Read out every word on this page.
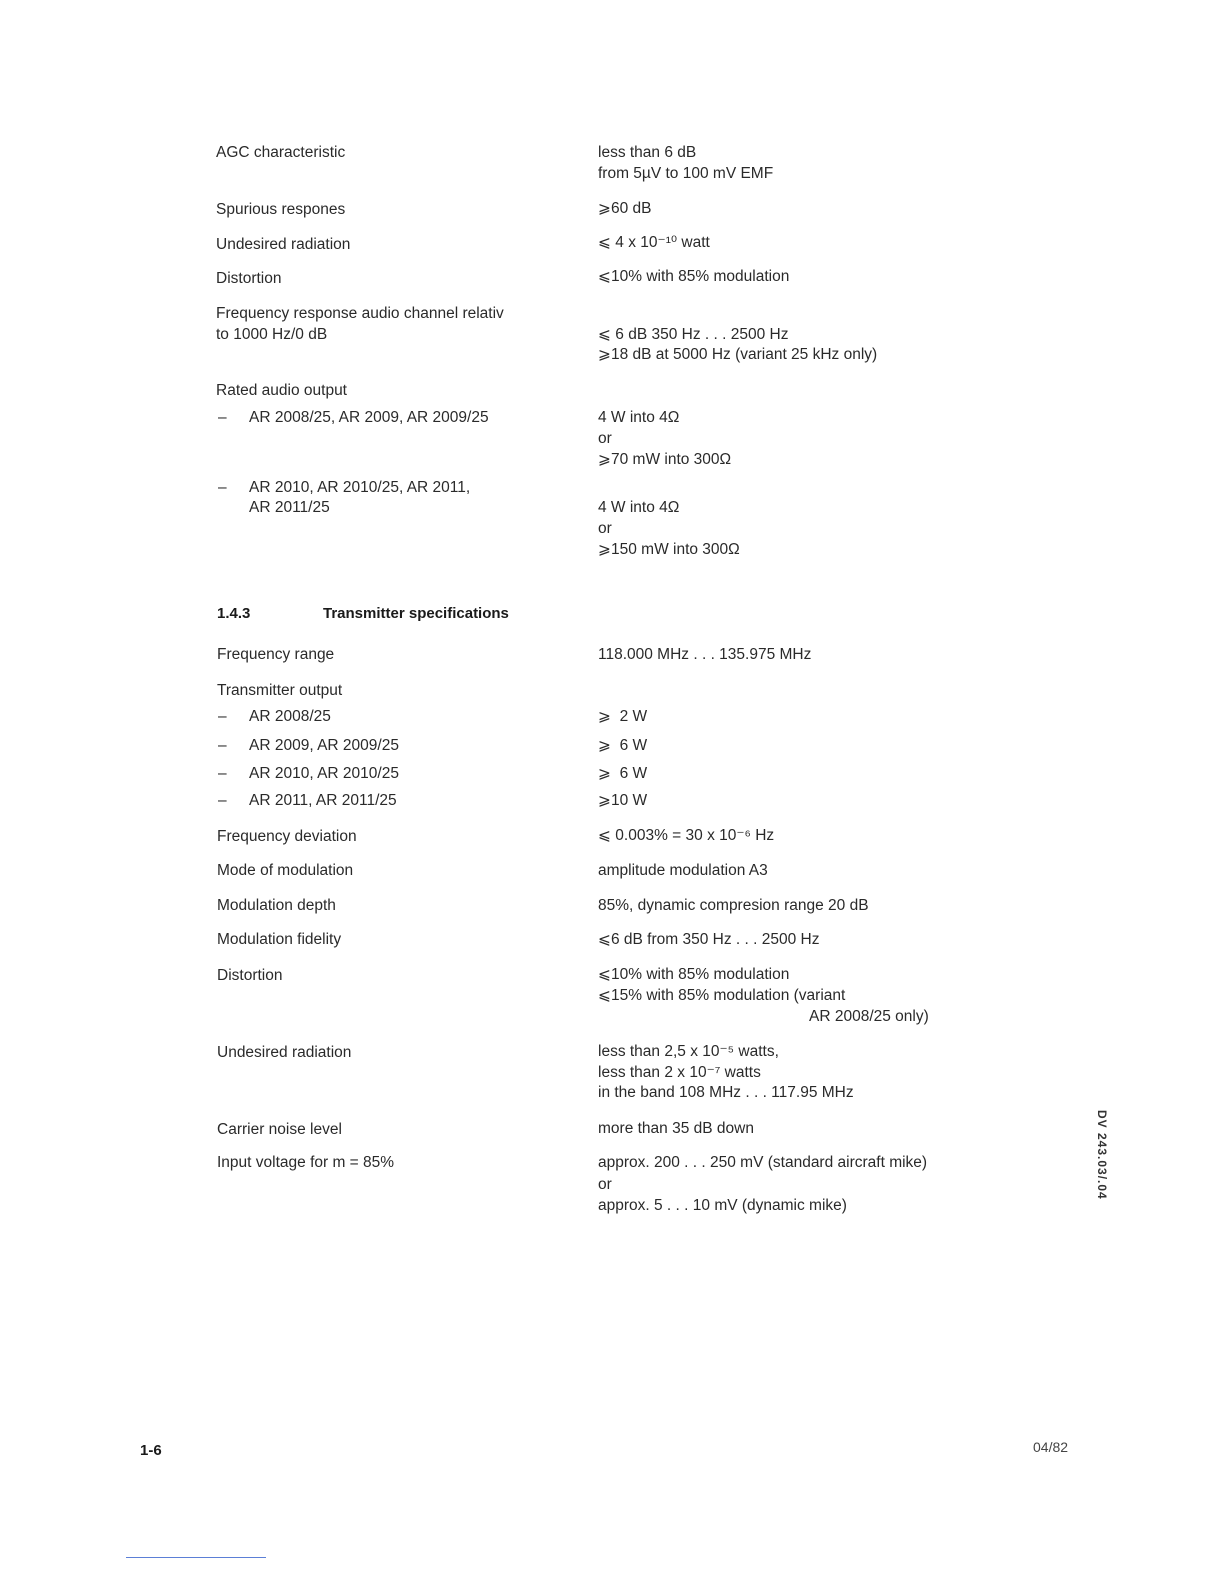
AGC characteristic	less than 6 dB
from 5µV to 100 mV EMF
Spurious respones	⩾60 dB
Undesired radiation	⩽ 4 x 10⁻¹⁰ watt
Distortion	⩽10% with 85% modulation
Frequency response audio channel relativ
to 1000 Hz/0 dB	⩽ 6 dB 350 Hz . . . 2500 Hz
⩾18 dB at 5000 Hz (variant 25 kHz only)
Rated audio output
– AR 2008/25, AR 2009, AR 2009/25	4 W into 4Ω
or
⩾70 mW into 300Ω
– AR 2010, AR 2010/25, AR 2011,
AR 2011/25	4 W into 4Ω
or
⩾150 mW into 300Ω
1.4.3	Transmitter specifications
Frequency range	118.000 MHz . . . 135.975 MHz
Transmitter output
– AR 2008/25	⩾  2 W
– AR 2009, AR 2009/25	⩾  6 W
– AR 2010, AR 2010/25	⩾  6 W
– AR 2011, AR 2011/25	⩾10 W
Frequency deviation	⩽ 0.003% = 30 x 10⁻⁶ Hz
Mode of modulation	amplitude modulation A3
Modulation depth	85%, dynamic compresion range 20 dB
Modulation fidelity	⩽6 dB from 350 Hz . . . 2500 Hz
Distortion	⩽10% with 85% modulation
⩽15% with 85% modulation (variant
AR 2008/25 only)
Undesired radiation	less than 2,5 x 10⁻⁵ watts,
less than 2 x 10⁻⁷ watts
in the band 108 MHz . . . 117.95 MHz
Carrier noise level	more than 35 dB down
Input voltage for m = 85%	approx. 200 . . . 250 mV (standard aircraft mike)
or
approx. 5 . . . 10 mV (dynamic mike)
DV 243.03/.04
1-6	04/82
